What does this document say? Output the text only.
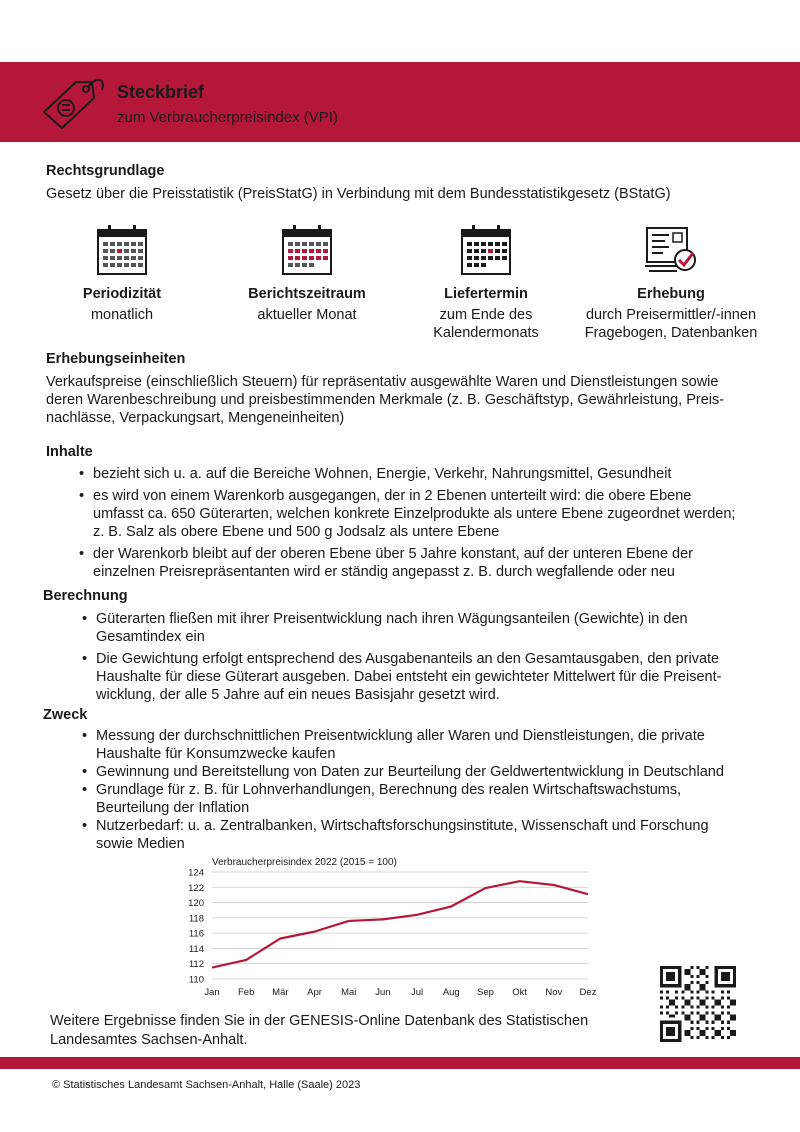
Steckbrief
zum Verbraucherpreisindex (VPI)
Rechtsgrundlage
Gesetz über die Preisstatistik (PreisStatG) in Verbindung mit dem Bundesstatistikgesetz (BStatG)
Periodizität
monatlich
Berichtszeitraum
aktueller Monat
Liefertermin
zum Ende des
Kalendermonats
Erhebung
durch Preisermittler/-innen
Fragebogen, Datenbanken
Erhebungseinheiten
Verkaufspreise (einschließlich Steuern) für repräsentativ ausgewählte Waren und Dienstleistungen sowie
deren Warenbeschreibung und preisbestimmenden Merkmale (z. B. Geschäftstyp, Gewährleistung, Preis-
nachlässe, Verpackungsart, Mengeneinheiten)
Inhalte
• bezieht sich u. a. auf die Bereiche Wohnen, Energie, Verkehr, Nahrungsmittel, Gesundheit
• es wird von einem Warenkorb ausgegangen, der in 2 Ebenen unterteilt wird: die obere Ebene
umfasst ca. 650 Güterarten, welchen konkrete Einzelprodukte als untere Ebene zugeordnet werden;
z. B. Salz als obere Ebene und 500 g Jodsalz als untere Ebene
• der Warenkorb bleibt auf der oberen Ebene über 5 Jahre konstant, auf der unteren Ebene der
einzelnen Preisrepräsentanten wird er ständig angepasst z. B. durch wegfallende oder neu
Berechnung
• Güterarten fließen mit ihrer Preisentwicklung nach ihren Wägungsanteilen (Gewichte) in den
Gesamtindex ein
• Die Gewichtung erfolgt entsprechend des Ausgabenanteils an den Gesamtausgaben, den private
Haushalte für diese Güterart ausgeben. Dabei entsteht ein gewichteter Mittelwert für die Preisent-
wicklung, der alle 5 Jahre auf ein neues Basisjahr gesetzt wird.
Zweck
• Messung der durchschnittlichen Preisentwicklung aller Waren und Dienstleistungen, die private
Haushalte für Konsumzwecke kaufen
• Gewinnung und Bereitstellung von Daten zur Beurteilung der Geldwertentwicklung in Deutschland
• Grundlage für z. B. für Lohnverhandlungen, Berechnung des realen Wirtschaftswachstums,
Beurteilung der Inflation
• Nutzerbedarf: u. a. Zentralbanken, Wirtschaftsforschungsinstitute, Wissenschaft und Forschung
sowie Medien
Verbraucherpreisindex 2022 (2015 = 100)
110
112
114
116
118
120
122
124
Jan Feb Mär Apr Mai Jun Jul Aug Sep Okt Nov Dez
Weitere Ergebnisse finden Sie in der GENESIS-Online Datenbank des Statistischen
Landesamtes Sachsen-Anhalt.
© Statistisches Landesamt Sachsen-Anhalt, Halle (Saale) 2023
